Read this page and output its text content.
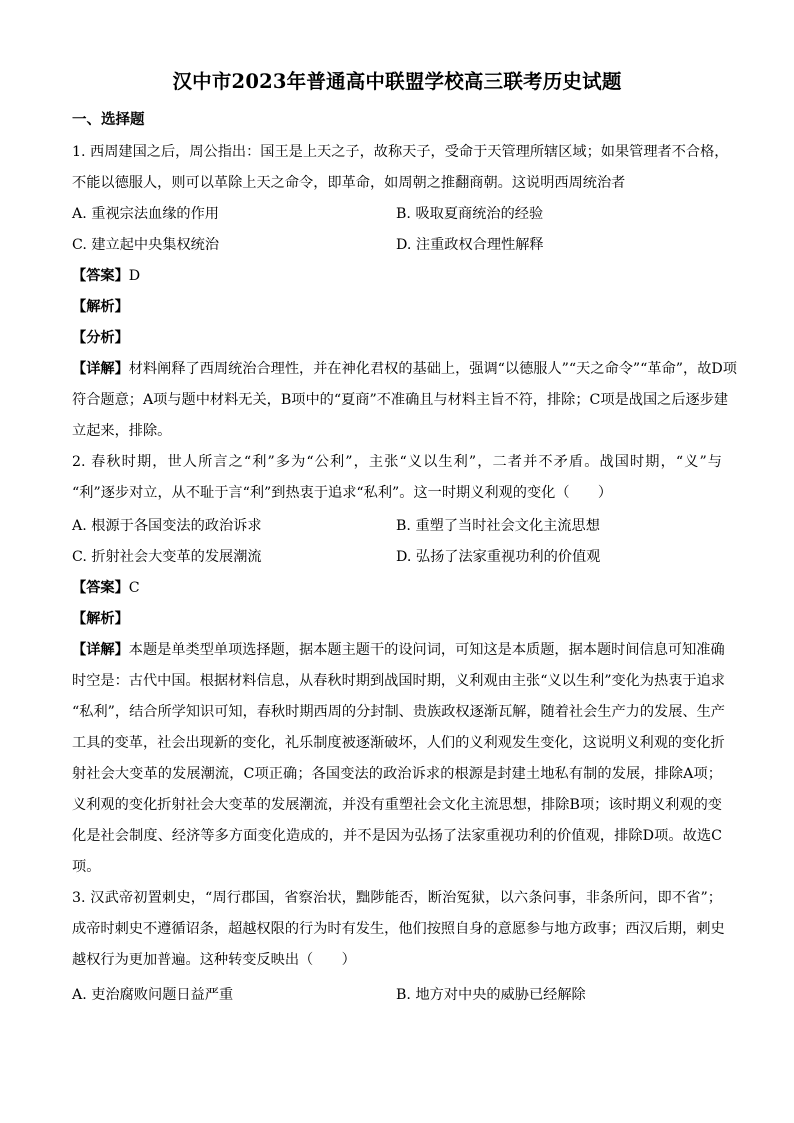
汉中市2023年普通高中联盟学校高三联考历史试题
一、选择题
1. 西周建国之后，周公指出：国王是上天之子，故称天子，受命于天管理所辖区域；如果管理者不合格，
不能以德服人，则可以革除上天之命令，即革命，如周朝之推翻商朝。这说明西周统治者
A. 重视宗法血缘的作用	B. 吸取夏商统治的经验
C. 建立起中央集权统治	D. 注重政权合理性解释
【答案】D
【解析】
【分析】
【详解】材料阐释了西周统治合理性，并在神化君权的基础上，强调“以德服人”“天之命令”“革命”，故D项
符合题意；A项与题中材料无关，B项中的“夏商”不准确且与材料主旨不符，排除；C项是战国之后逐步建
立起来，排除。
2. 春秋时期，世人所言之“利”多为“公利”，主张“义以生利”，二者并不矛盾。战国时期，“义”与
“利”逐步对立，从不耻于言“利”到热衷于追求“私利”。这一时期义利观的变化（　　）
A. 根源于各国变法的政治诉求	B. 重塑了当时社会文化主流思想
C. 折射社会大变革的发展潮流	D. 弘扬了法家重视功利的价值观
【答案】C
【解析】
【详解】本题是单类型单项选择题，据本题主题干的设问词，可知这是本质题，据本题时间信息可知准确
时空是：古代中国。根据材料信息，从春秋时期到战国时期，义利观由主张“义以生利”变化为热衷于追求
“私利”，结合所学知识可知，春秋时期西周的分封制、贵族政权逐渐瓦解，随着社会生产力的发展、生产
工具的变革，社会出现新的变化，礼乐制度被逐渐破坏，人们的义利观发生变化，这说明义利观的变化折
射社会大变革的发展潮流，C项正确；各国变法的政治诉求的根源是封建土地私有制的发展，排除A项；
义利观的变化折射社会大变革的发展潮流，并没有重塑社会文化主流思想，排除B项；该时期义利观的变
化是社会制度、经济等多方面变化造成的，并不是因为弘扬了法家重视功利的价值观，排除D项。故选C
项。
3. 汉武帝初置刺史，“周行郡国，省察治状，黜陟能否，断治冤狱，以六条问事，非条所问，即不省”；
成帝时刺史不遵循诏条，超越权限的行为时有发生，他们按照自身的意愿参与地方政事；西汉后期，刺史
越权行为更加普遍。这种转变反映出（　　）
A. 吏治腐败问题日益严重	B. 地方对中央的威胁已经解除
